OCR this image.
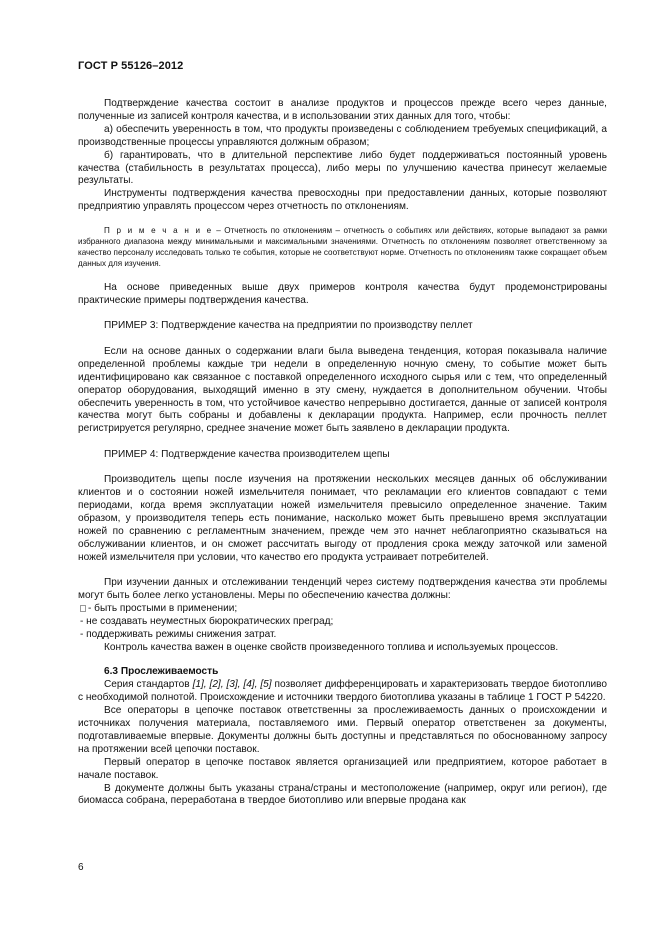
ГОСТ Р 55126–2012

Подтверждение качества состоит в анализе продуктов и процессов прежде всего через данные, полученные из записей контроля качества, и в использовании этих данных для того, чтобы:

а) обеспечить уверенность в том, что продукты произведены с соблюдением требуемых спецификаций, а производственные процессы управляются должным образом;

б) гарантировать, что в длительной перспективе либо будет поддерживаться постоянный уровень качества (стабильность в результатах процесса), либо меры по улучшению качества принесут желаемые результаты.

Инструменты подтверждения качества превосходны при предоставлении данных, которые позволяют предприятию управлять процессом через отчетность по отклонениям.

П р и м е ч а н и е – Отчетность по отклонениям – отчетность о событиях или действиях, которые выпадают за рамки избранного диапазона между минимальными и максимальными значениями. Отчетность по отклонениям позволяет ответственному за качество персоналу исследовать только те события, которые не соответствуют норме. Отчетность по отклонениям также сокращает объем данных для изучения.

На основе приведенных выше двух примеров контроля качества будут продемонстрированы практические примеры подтверждения качества.

ПРИМЕР 3: Подтверждение качества на предприятии по производству пеллет

Если на основе данных о содержании влаги была выведена тенденция, которая показывала наличие определенной проблемы каждые три недели в определенную ночную смену, то событие может быть идентифицировано как связанное с поставкой определенного исходного сырья или с тем, что определенный оператор оборудования, выходящий именно в эту смену, нуждается в дополнительном обучении. Чтобы обеспечить уверенность в том, что устойчивое качество непрерывно достигается, данные от записей контроля качества могут быть собраны и добавлены к декларации продукта. Например, если прочность пеллет регистрируется регулярно, среднее значение может быть заявлено в декларации продукта.

ПРИМЕР 4: Подтверждение качества производителем щепы

Производитель щепы после изучения на протяжении нескольких месяцев данных об обслуживании клиентов и о состоянии ножей измельчителя понимает, что рекламации его клиентов совпадают с теми периодами, когда время эксплуатации ножей измельчителя превысило определенное значение. Таким образом, у производителя теперь есть понимание, насколько может быть превышено время эксплуатации ножей по сравнению с регламентным значением, прежде чем это начнет неблагоприятно сказываться на обслуживании клиентов, и он сможет рассчитать выгоду от продления срока между заточкой или заменой ножей измельчителя при условии, что качество его продукта устраивает потребителей.

При изучении данных и отслеживании тенденций через систему подтверждения качества эти проблемы могут быть более легко установлены. Меры по обеспечению качества должны:

- быть простыми в применении;

- не создавать неуместных бюрократических преград;

- поддерживать режимы снижения затрат.

Контроль качества важен в оценке свойств произведенного топлива и используемых процессов.

6.3 Прослеживаемость

Серия стандартов [1], [2], [3], [4], [5] позволяет дифференцировать и характеризовать твердое биотопливо с необходимой полнотой. Происхождение и источники твердого биотоплива указаны в таблице 1 ГОСТ Р 54220.

Все операторы в цепочке поставок ответственны за прослеживаемость данных о происхождении и источниках получения материала, поставляемого ими. Первый оператор ответственен за документы, подготавливаемые впервые. Документы должны быть доступны и представляться по обоснованному запросу на протяжении всей цепочки поставок.

Первый оператор в цепочке поставок является организацией или предприятием, которое работает в начале поставок.

В документе должны быть указаны страна/страны и местоположение (например, округ или регион), где биомасса собрана, переработана в твердое биотопливо или впервые продана как

6
